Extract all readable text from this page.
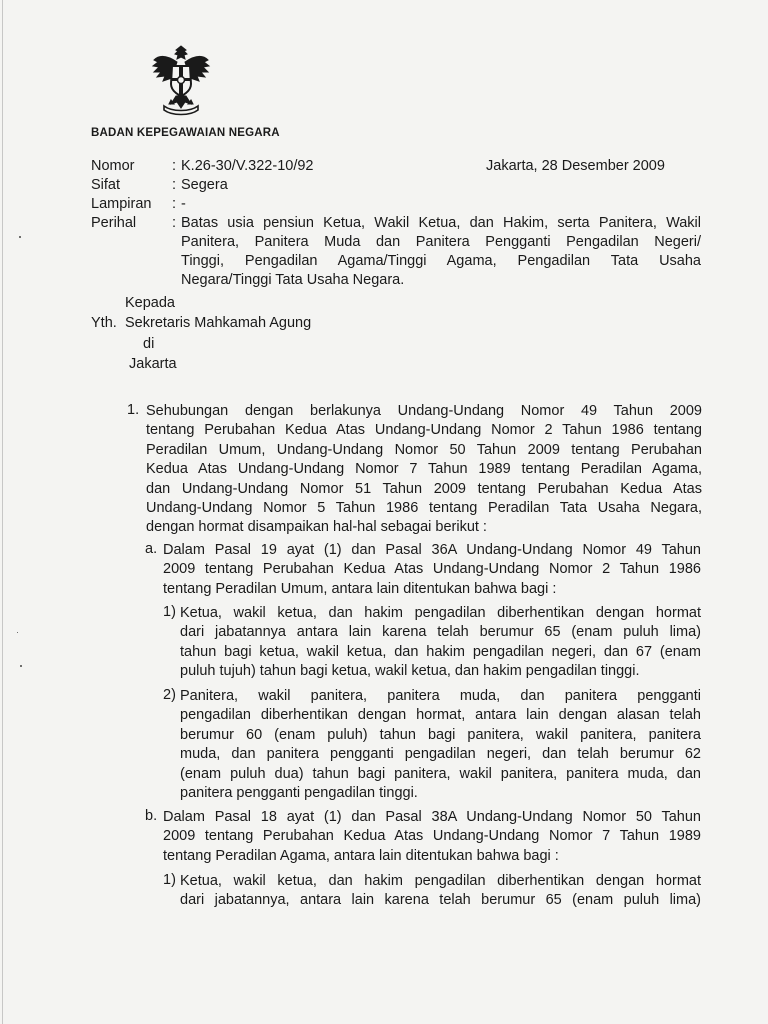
BADAN KEPEGAWAIAN NEGARA
Nomor	: K.26-30/V.322-10/92	Jakarta, 28 Desember 2009
Sifat	: Segera
Lampiran : -
Perihal : Batas usia pensiun Ketua, Wakil Ketua, dan Hakim, serta Panitera, Wakil
Panitera, Panitera Muda dan Panitera Pengganti Pengadilan Negeri/
Tinggi, Pengadilan Agama/Tinggi Agama, Pengadilan Tata Usaha
Negara/Tinggi Tata Usaha Negara.
Kepada
Yth. Sekretaris Mahkamah Agung
di
Jakarta
1. Sehubungan dengan berlakunya Undang-Undang Nomor 49 Tahun 2009
tentang Perubahan Kedua Atas Undang-Undang Nomor 2 Tahun 1986 tentang
Peradilan Umum, Undang-Undang Nomor 50 Tahun 2009 tentang Perubahan
Kedua Atas Undang-Undang Nomor 7 Tahun 1989 tentang Peradilan Agama,
dan Undang-Undang Nomor 51 Tahun 2009 tentang Perubahan Kedua Atas
Undang-Undang Nomor 5 Tahun 1986 tentang Peradilan Tata Usaha Negara,
dengan hormat disampaikan hal-hal sebagai berikut :
a. Dalam Pasal 19 ayat (1) dan Pasal 36A Undang-Undang Nomor 49 Tahun
2009 tentang Perubahan Kedua Atas Undang-Undang Nomor 2 Tahun 1986
tentang Peradilan Umum, antara lain ditentukan bahwa bagi :
1) Ketua, wakil ketua, dan hakim pengadilan diberhentikan dengan hormat
dari jabatannya antara lain karena telah berumur 65 (enam puluh lima)
tahun bagi ketua, wakil ketua, dan hakim pengadilan negeri, dan 67 (enam
puluh tujuh) tahun bagi ketua, wakil ketua, dan hakim pengadilan tinggi.
2) Panitera, wakil panitera, panitera muda, dan panitera pengganti
pengadilan diberhentikan dengan hormat, antara lain dengan alasan telah
berumur 60 (enam puluh) tahun bagi panitera, wakil panitera, panitera
muda, dan panitera pengganti pengadilan negeri, dan telah berumur 62
(enam puluh dua) tahun bagi panitera, wakil panitera, panitera muda, dan
panitera pengganti pengadilan tinggi.
b. Dalam Pasal 18 ayat (1) dan Pasal 38A Undang-Undang Nomor 50 Tahun
2009 tentang Perubahan Kedua Atas Undang-Undang Nomor 7 Tahun 1989
tentang Peradilan Agama, antara lain ditentukan bahwa bagi :
1) Ketua, wakil ketua, dan hakim pengadilan diberhentikan dengan hormat
dari jabatannya, antara lain karena telah berumur 65 (enam puluh lima)
